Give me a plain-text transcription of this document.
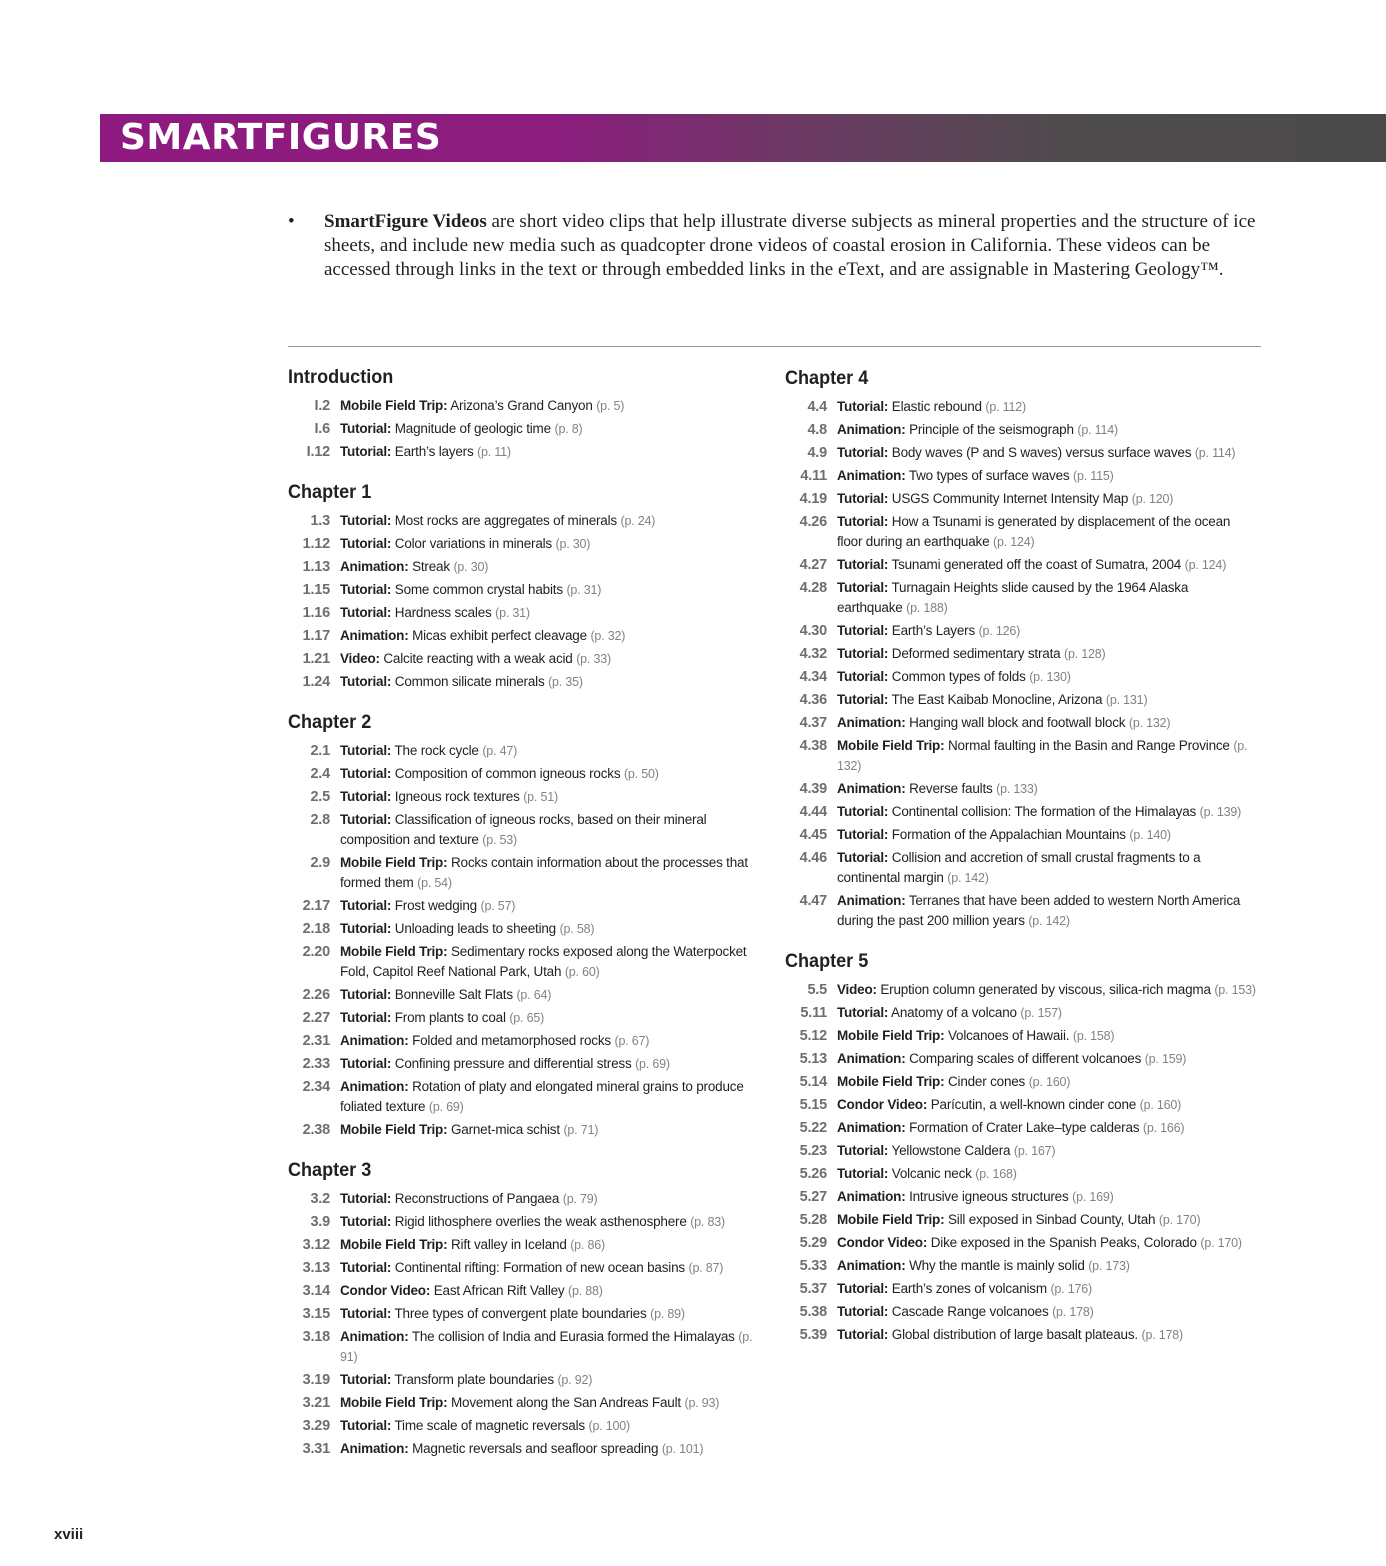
SMARTFIGURES
• SmartFigure Videos are short video clips that help illustrate diverse subjects as mineral properties and the structure of ice sheets, and include new media such as quadcopter drone videos of coastal erosion in California. These videos can be accessed through links in the text or through embedded links in the eText, and are assignable in Mastering Geology™.
Introduction
I.2 Mobile Field Trip: Arizona’s Grand Canyon (p. 5)
I.6 Tutorial: Magnitude of geologic time (p. 8)
I.12 Tutorial: Earth’s layers (p. 11)
Chapter 1
1.3 Tutorial: Most rocks are aggregates of minerals (p. 24)
1.12 Tutorial: Color variations in minerals (p. 30)
1.13 Animation: Streak (p. 30)
1.15 Tutorial: Some common crystal habits (p. 31)
1.16 Tutorial: Hardness scales (p. 31)
1.17 Animation: Micas exhibit perfect cleavage (p. 32)
1.21 Video: Calcite reacting with a weak acid (p. 33)
1.24 Tutorial: Common silicate minerals (p. 35)
Chapter 2
2.1 Tutorial: The rock cycle (p. 47)
2.4 Tutorial: Composition of common igneous rocks (p. 50)
2.5 Tutorial: Igneous rock textures (p. 51)
2.8 Tutorial: Classification of igneous rocks, based on their mineral composition and texture (p. 53)
2.9 Mobile Field Trip: Rocks contain information about the processes that formed them (p. 54)
2.17 Tutorial: Frost wedging (p. 57)
2.18 Tutorial: Unloading leads to sheeting (p. 58)
2.20 Mobile Field Trip: Sedimentary rocks exposed along the Waterpocket Fold, Capitol Reef National Park, Utah (p. 60)
2.26 Tutorial: Bonneville Salt Flats (p. 64)
2.27 Tutorial: From plants to coal (p. 65)
2.31 Animation: Folded and metamorphosed rocks (p. 67)
2.33 Tutorial: Confining pressure and differential stress (p. 69)
2.34 Animation: Rotation of platy and elongated mineral grains to produce foliated texture (p. 69)
2.38 Mobile Field Trip: Garnet-mica schist (p. 71)
Chapter 3
3.2 Tutorial: Reconstructions of Pangaea (p. 79)
3.9 Tutorial: Rigid lithosphere overlies the weak asthenosphere (p. 83)
3.12 Mobile Field Trip: Rift valley in Iceland (p. 86)
3.13 Tutorial: Continental rifting: Formation of new ocean basins (p. 87)
3.14 Condor Video: East African Rift Valley (p. 88)
3.15 Tutorial: Three types of convergent plate boundaries (p. 89)
3.18 Animation: The collision of India and Eurasia formed the Himalayas (p. 91)
3.19 Tutorial: Transform plate boundaries (p. 92)
3.21 Mobile Field Trip: Movement along the San Andreas Fault (p. 93)
3.29 Tutorial: Time scale of magnetic reversals (p. 100)
3.31 Animation: Magnetic reversals and seafloor spreading (p. 101)
Chapter 4
4.4 Tutorial: Elastic rebound (p. 112)
4.8 Animation: Principle of the seismograph (p. 114)
4.9 Tutorial: Body waves (P and S waves) versus surface waves (p. 114)
4.11 Animation: Two types of surface waves (p. 115)
4.19 Tutorial: USGS Community Internet Intensity Map (p. 120)
4.26 Tutorial: How a Tsunami is generated by displacement of the ocean floor during an earthquake (p. 124)
4.27 Tutorial: Tsunami generated off the coast of Sumatra, 2004 (p. 124)
4.28 Tutorial: Turnagain Heights slide caused by the 1964 Alaska earthquake (p. 188)
4.30 Tutorial: Earth’s Layers (p. 126)
4.32 Tutorial: Deformed sedimentary strata (p. 128)
4.34 Tutorial: Common types of folds (p. 130)
4.36 Tutorial: The East Kaibab Monocline, Arizona (p. 131)
4.37 Animation: Hanging wall block and footwall block (p. 132)
4.38 Mobile Field Trip: Normal faulting in the Basin and Range Province (p. 132)
4.39 Animation: Reverse faults (p. 133)
4.44 Tutorial: Continental collision: The formation of the Himalayas (p. 139)
4.45 Tutorial: Formation of the Appalachian Mountains (p. 140)
4.46 Tutorial: Collision and accretion of small crustal fragments to a continental margin (p. 142)
4.47 Animation: Terranes that have been added to western North America during the past 200 million years (p. 142)
Chapter 5
5.5 Video: Eruption column generated by viscous, silica-rich magma (p. 153)
5.11 Tutorial: Anatomy of a volcano (p. 157)
5.12 Mobile Field Trip: Volcanoes of Hawaii. (p. 158)
5.13 Animation: Comparing scales of different volcanoes (p. 159)
5.14 Mobile Field Trip: Cinder cones (p. 160)
5.15 Condor Video: Parícutin, a well-known cinder cone (p. 160)
5.22 Animation: Formation of Crater Lake–type calderas (p. 166)
5.23 Tutorial: Yellowstone Caldera (p. 167)
5.26 Tutorial: Volcanic neck (p. 168)
5.27 Animation: Intrusive igneous structures (p. 169)
5.28 Mobile Field Trip: Sill exposed in Sinbad County, Utah (p. 170)
5.29 Condor Video: Dike exposed in the Spanish Peaks, Colorado (p. 170)
5.33 Animation: Why the mantle is mainly solid (p. 173)
5.37 Tutorial: Earth’s zones of volcanism (p. 176)
5.38 Tutorial: Cascade Range volcanoes (p. 178)
5.39 Tutorial: Global distribution of large basalt plateaus. (p. 178)
xviii
